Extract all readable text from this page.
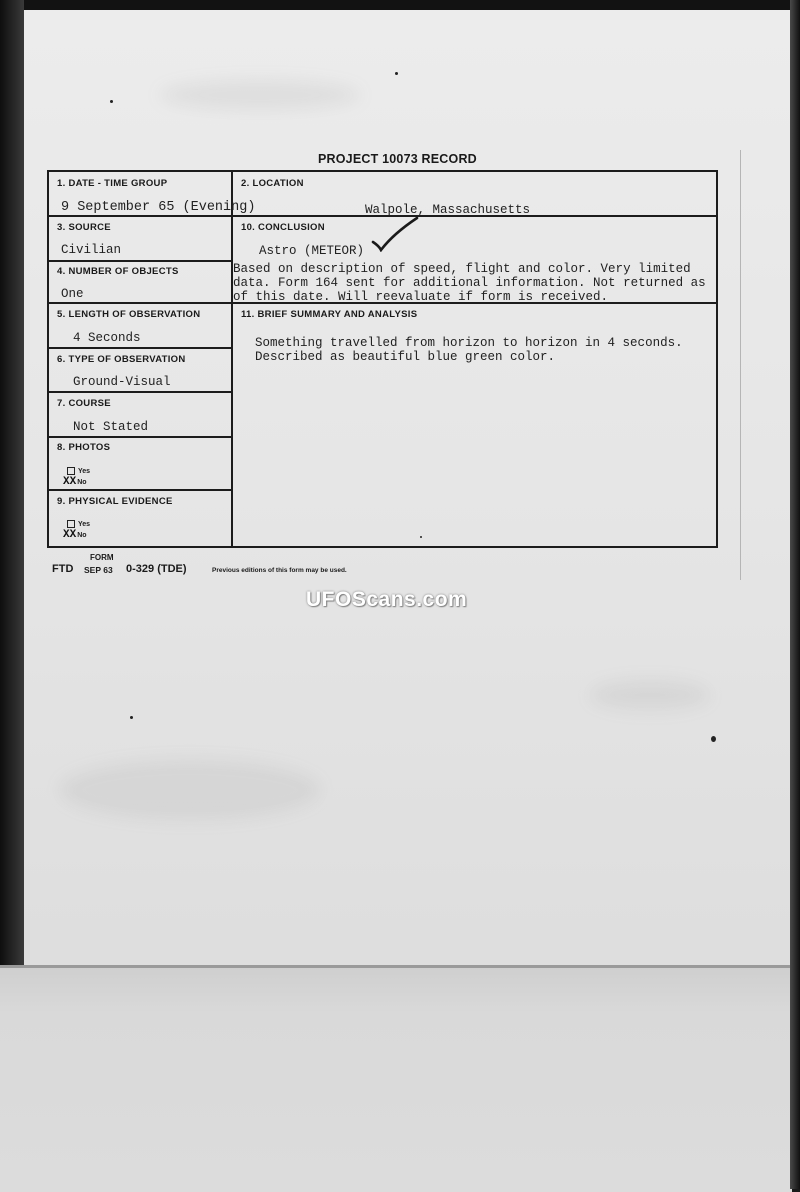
PROJECT 10073 RECORD
1. DATE - TIME GROUP
9 September 65 (Evening)
2. LOCATION
Walpole, Massachusetts
3. SOURCE
Civilian
10. CONCLUSION
Astro (METEOR)
Based on description of speed, flight and color. Very limited
data. Form 164 sent for additional information. Not returned as
of this date. Will reevaluate if form is received.
4. NUMBER OF OBJECTS
One
5. LENGTH OF OBSERVATION
4 Seconds
11. BRIEF SUMMARY AND ANALYSIS
Something travelled from horizon to horizon in 4 seconds.
Described as beautiful blue green color.
6. TYPE OF OBSERVATION
Ground-Visual
7. COURSE
Not Stated
8. PHOTOS
Yes
XXNo
9. PHYSICAL EVIDENCE
Yes
XXNo
FORM
FTD SEP 63 0-329 (TDE)	Previous editions of this form may be used.
UFOScans.com
